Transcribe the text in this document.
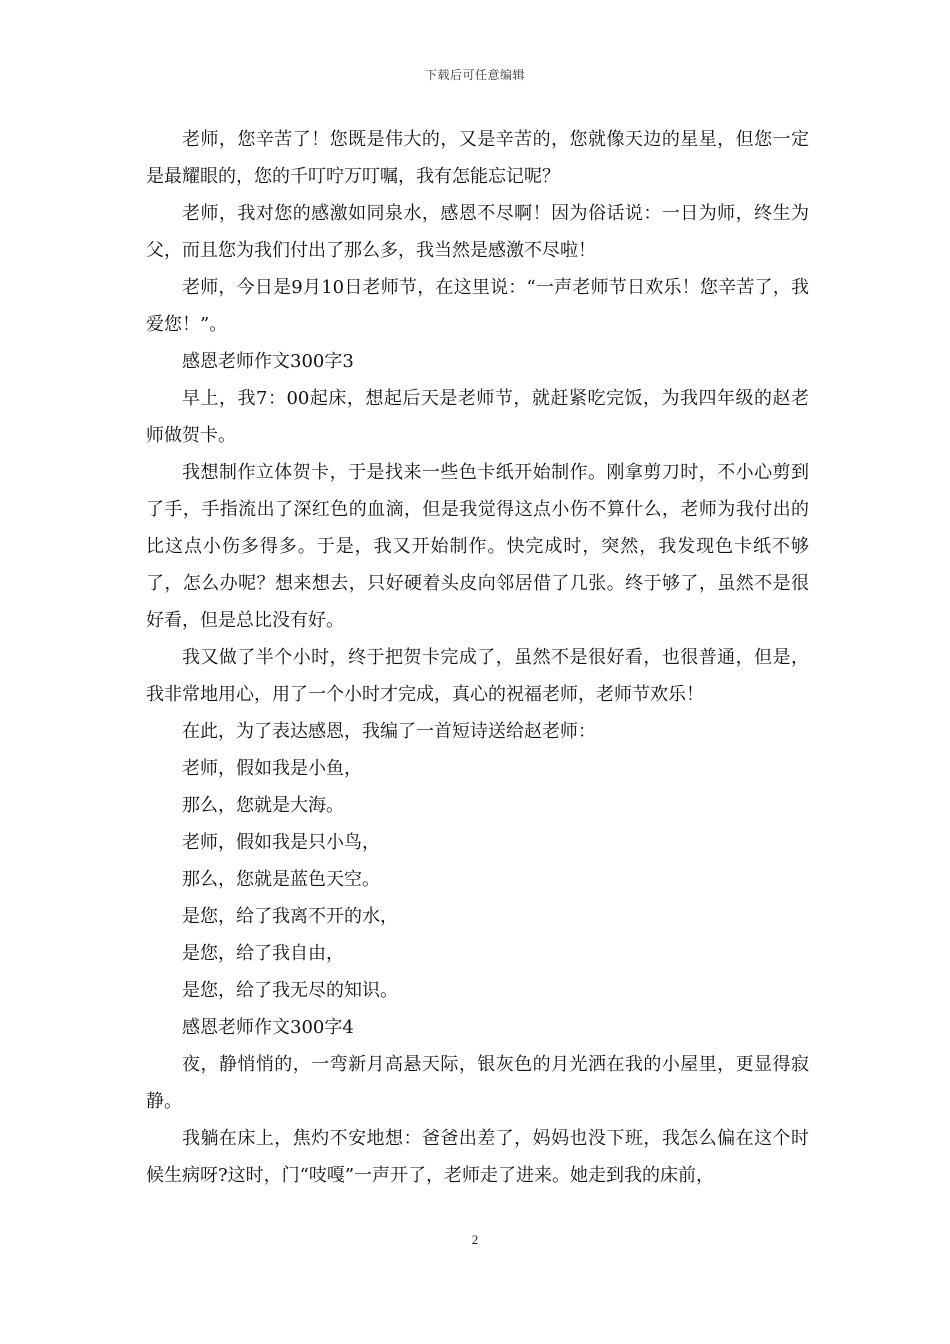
下载后可任意编辑

老师，您辛苦了！您既是伟大的，又是辛苦的，您就像天边的星星，但您一定是最耀眼的，您的千叮咛万叮嘱，我有怎能忘记呢？

老师，我对您的感激如同泉水，感恩不尽啊！因为俗话说：一日为师，终生为父，而且您为我们付出了那么多，我当然是感激不尽啦！

老师，今日是9月10日老师节，在这里说：“一声老师节日欢乐！您辛苦了，我爱您！”。

感恩老师作文300字3

早上，我7：00起床，想起后天是老师节，就赶紧吃完饭，为我四年级的赵老师做贺卡。

我想制作立体贺卡，于是找来一些色卡纸开始制作。刚拿剪刀时，不小心剪到了手，手指流出了深红色的血滴，但是我觉得这点小伤不算什么，老师为我付出的比这点小伤多得多。于是，我又开始制作。快完成时，突然，我发现色卡纸不够了，怎么办呢？想来想去，只好硬着头皮向邻居借了几张。终于够了，虽然不是很好看，但是总比没有好。

我又做了半个小时，终于把贺卡完成了，虽然不是很好看，也很普通，但是，我非常地用心，用了一个小时才完成，真心的祝福老师，老师节欢乐！

在此，为了表达感恩，我编了一首短诗送给赵老师：

老师，假如我是小鱼，

那么，您就是大海。

老师，假如我是只小鸟，

那么，您就是蓝色天空。

是您，给了我离不开的水，

是您，给了我自由，

是您，给了我无尽的知识。

感恩老师作文300字4

夜，静悄悄的，一弯新月高悬天际，银灰色的月光洒在我的小屋里，更显得寂静。

我躺在床上，焦灼不安地想：爸爸出差了，妈妈也没下班，我怎么偏在这个时候生病呀?这时，门“吱嘎”一声开了，老师走了进来。她走到我的床前，

2
